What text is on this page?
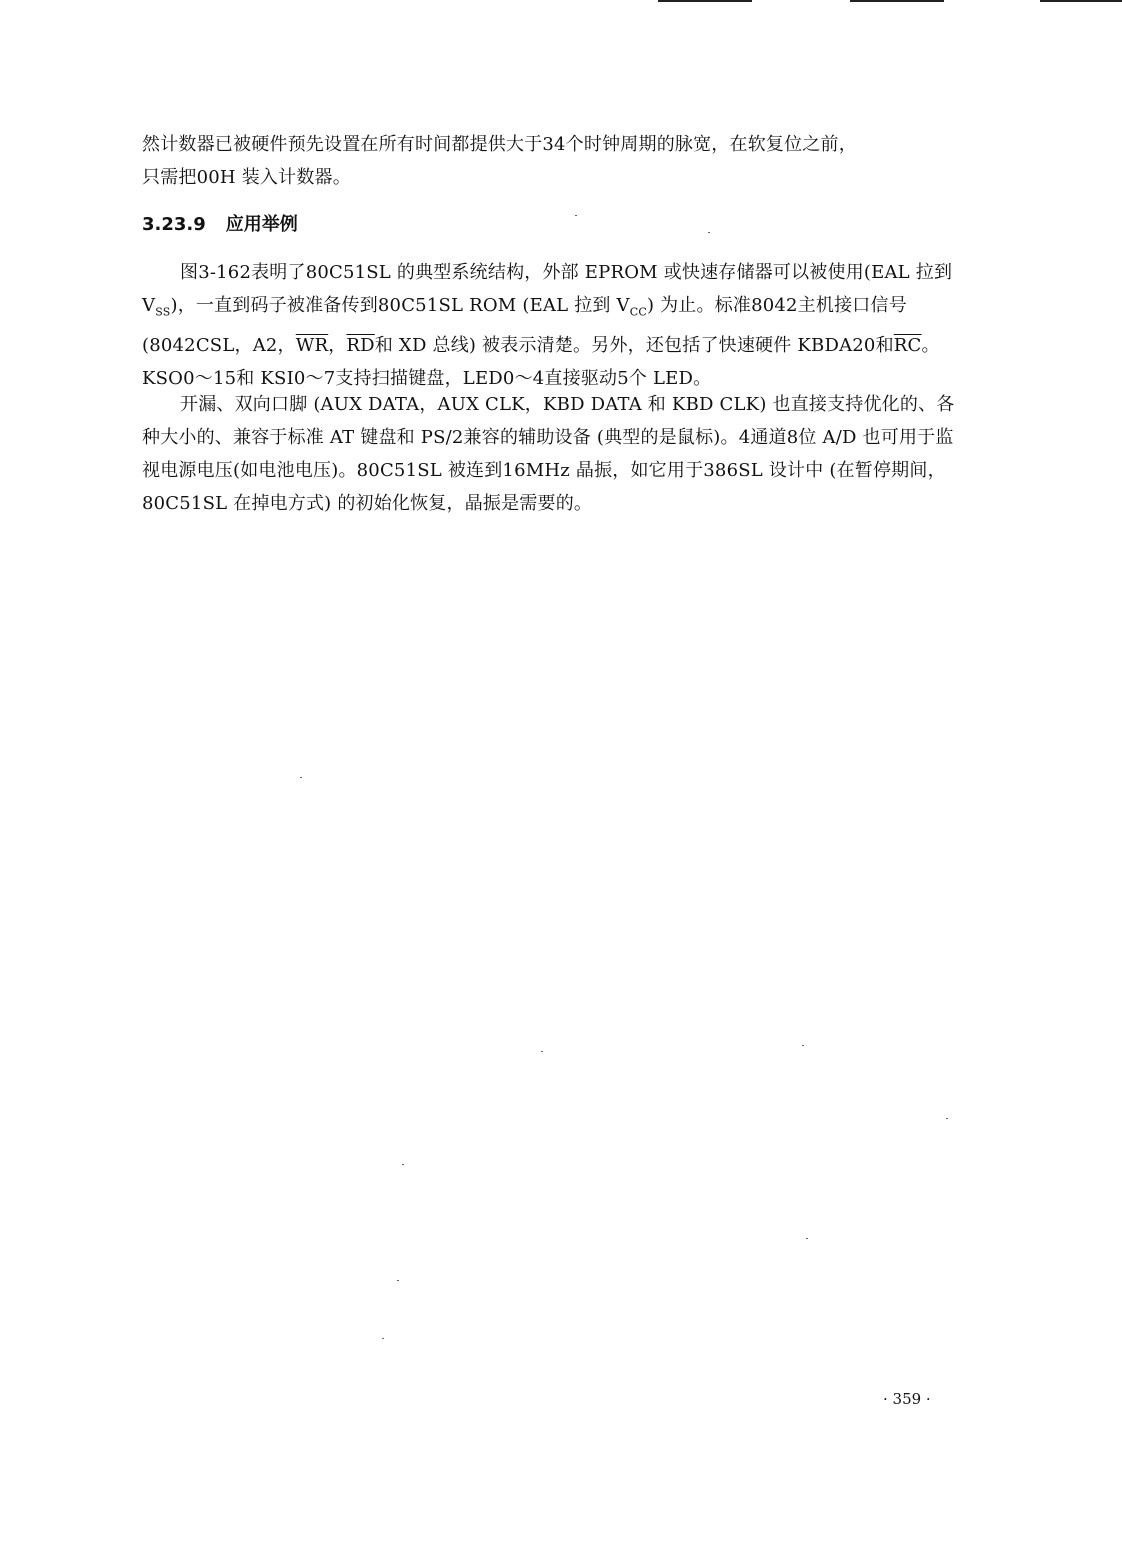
然计数器已被硬件预先设置在所有时间都提供大于34个时钟周期的脉宽，在软复位之前，
只需把00H 装入计数器。
3.23.9 应用举例
图3-162表明了80C51SL 的典型系统结构，外部 EPROM 或快速存储器可以被使用(EAL 拉到 $V_{SS}$)，一直到码子被准备传到80C51SL ROM (EAL 拉到 $V_{CC}$) 为止。标准8042主机接口信号 (8042CSL，A2，$\overline{WR}$，$\overline{RD}$和 XD 总线) 被表示清楚。另外，还包括了快速硬件 KBDA20和$\overline{RC}$。KSO0～15和 KSI0～7支持扫描键盘，LED0～4直接驱动5个 LED。
开漏、双向口脚 (AUX DATA，AUX CLK，KBD DATA 和 KBD CLK) 也直接支持优化的、各种大小的、兼容于标准 AT 键盘和 PS/2兼容的辅助设备 (典型的是鼠标)。4通道8位 A/D 也可用于监视电源电压(如电池电压)。80C51SL 被连到16MHz 晶振，如它用于386SL 设计中 (在暂停期间，80C51SL 在掉电方式) 的初始化恢复，晶振是需要的。
· 359 ·
